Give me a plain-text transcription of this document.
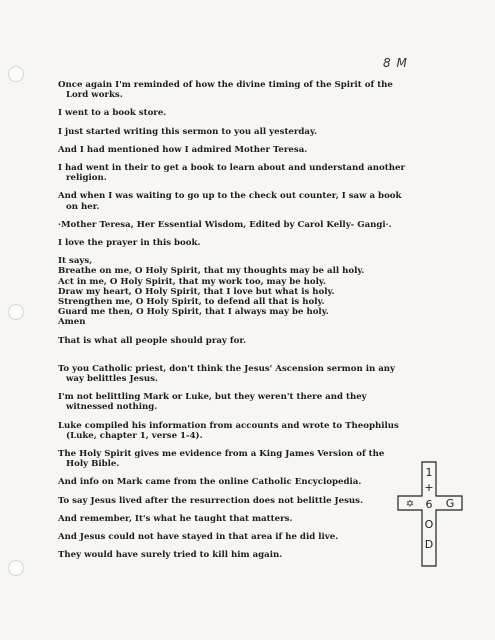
8 M

Once again I'm reminded of how the divine timing of the Spirit of the Lord works.

I went to a book store.

I just started writing this sermon to you all yesterday.

And I had mentioned how I admired Mother Teresa.

I had went in their to get a book to learn about and understand another religion.

And when I was waiting to go up to the check out counter, I saw a book on her.

·Mother Teresa, Her Essential Wisdom, Edited by Carol Kelly- Gangi·.

I love the prayer in this book.

It says,

Breathe on me, O Holy Spirit, that my thoughts may be all holy.

Act in me, O Holy Spirit, that my work too, may be holy.

Draw my heart, O Holy Spirit, that I love but what is holy.

Strengthen me, O Holy Spirit, to defend all that is holy.

Guard me then, O Holy Spirit, that I always may be holy.

Amen

That is what all people should pray for.

To you Catholic priest, don't think the Jesus' Ascension sermon in any way belittles Jesus.

I'm not belittling Mark or Luke, but they weren't there and they witnessed nothing.

Luke compiled his information from accounts and wrote to Theophilus (Luke, chapter 1, verse 1-4).

The Holy Spirit gives me evidence from a King James Version of the Holy Bible.

And info on Mark came from the online Catholic Encyclopedia.

To say Jesus lived after the resurrection does not belittle Jesus.

And remember, It's what he taught that matters.

And Jesus could not have stayed in that area if he did live.

They would have surely tried to kill him again.

1
+
6
O
D
✡	G
